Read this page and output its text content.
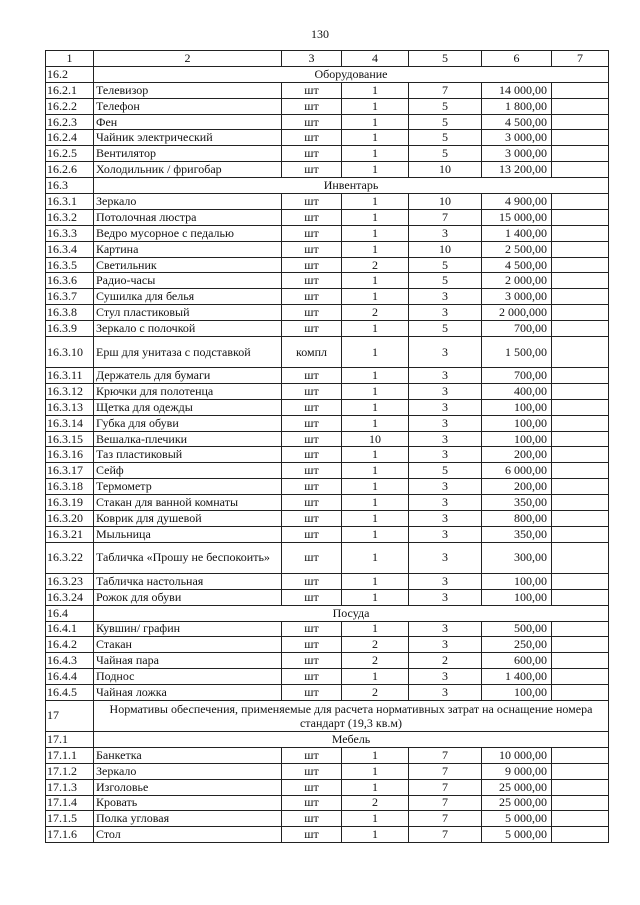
130
1	2	3	4	5	6	7
16.2	Оборудование					
16.2.1	Телевизор	шт	1	7	14 000,00	
16.2.2	Телефон	шт	1	5	1 800,00	
16.2.3	Фен	шт	1	5	4 500,00	
16.2.4	Чайник электрический	шт	1	5	3 000,00	
16.2.5	Вентилятор	шт	1	5	3 000,00	
16.2.6	Холодильник / фригобар	шт	1	10	13 200,00	
16.3	Инвентарь					
16.3.1	Зеркало	шт	1	10	4 900,00	
16.3.2	Потолочная люстра	шт	1	7	15 000,00	
16.3.3	Ведро мусорное с педалью	шт	1	3	1 400,00	
16.3.4	Картина	шт	1	10	2 500,00	
16.3.5	Светильник	шт	2	5	4 500,00	
16.3.6	Радио-часы	шт	1	5	2 000,00	
16.3.7	Сушилка для белья	шт	1	3	3 000,00	
16.3.8	Стул пластиковый	шт	2	3	2 000,000	
16.3.9	Зеркало с полочкой	шт	1	5	700,00	
16.3.10	Ерш для унитаза с подставкой	компл	1	3	1 500,00	
16.3.11	Держатель для бумаги	шт	1	3	700,00	
16.3.12	Крючки для полотенца	шт	1	3	400,00	
16.3.13	Щетка для одежды	шт	1	3	100,00	
16.3.14	Губка для обуви	шт	1	3	100,00	
16.3.15	Вешалка-плечики	шт	10	3	100,00	
16.3.16	Таз пластиковый	шт	1	3	200,00	
16.3.17	Сейф	шт	1	5	6 000,00	
16.3.18	Термометр	шт	1	3	200,00	
16.3.19	Стакан для ванной комнаты	шт	1	3	350,00	
16.3.20	Коврик для душевой	шт	1	3	800,00	
16.3.21	Мыльница	шт	1	3	350,00	
16.3.22	Табличка «Прошу не беспокоить»	шт	1	3	300,00	
16.3.23	Табличка настольная	шт	1	3	100,00	
16.3.24	Рожок для обуви	шт	1	3	100,00	
16.4	Посуда					
16.4.1	Кувшин/ графин	шт	1	3	500,00	
16.4.2	Стакан	шт	2	3	250,00	
16.4.3	Чайная пара	шт	2	2	600,00	
16.4.4	Поднос	шт	1	3	1 400,00	
16.4.5	Чайная ложка	шт	2	3	100,00	
17	Нормативы обеспечения, применяемые для расчета нормативных затрат на оснащение номера стандарт (19,3 кв.м)					
17.1	Мебель					
17.1.1	Банкетка	шт	1	7	10 000,00	
17.1.2	Зеркало	шт	1	7	9 000,00	
17.1.3	Изголовье	шт	1	7	25 000,00	
17.1.4	Кровать	шт	2	7	25 000,00	
17.1.5	Полка угловая	шт	1	7	5 000,00	
17.1.6	Стол	шт	1	7	5 000,00	
